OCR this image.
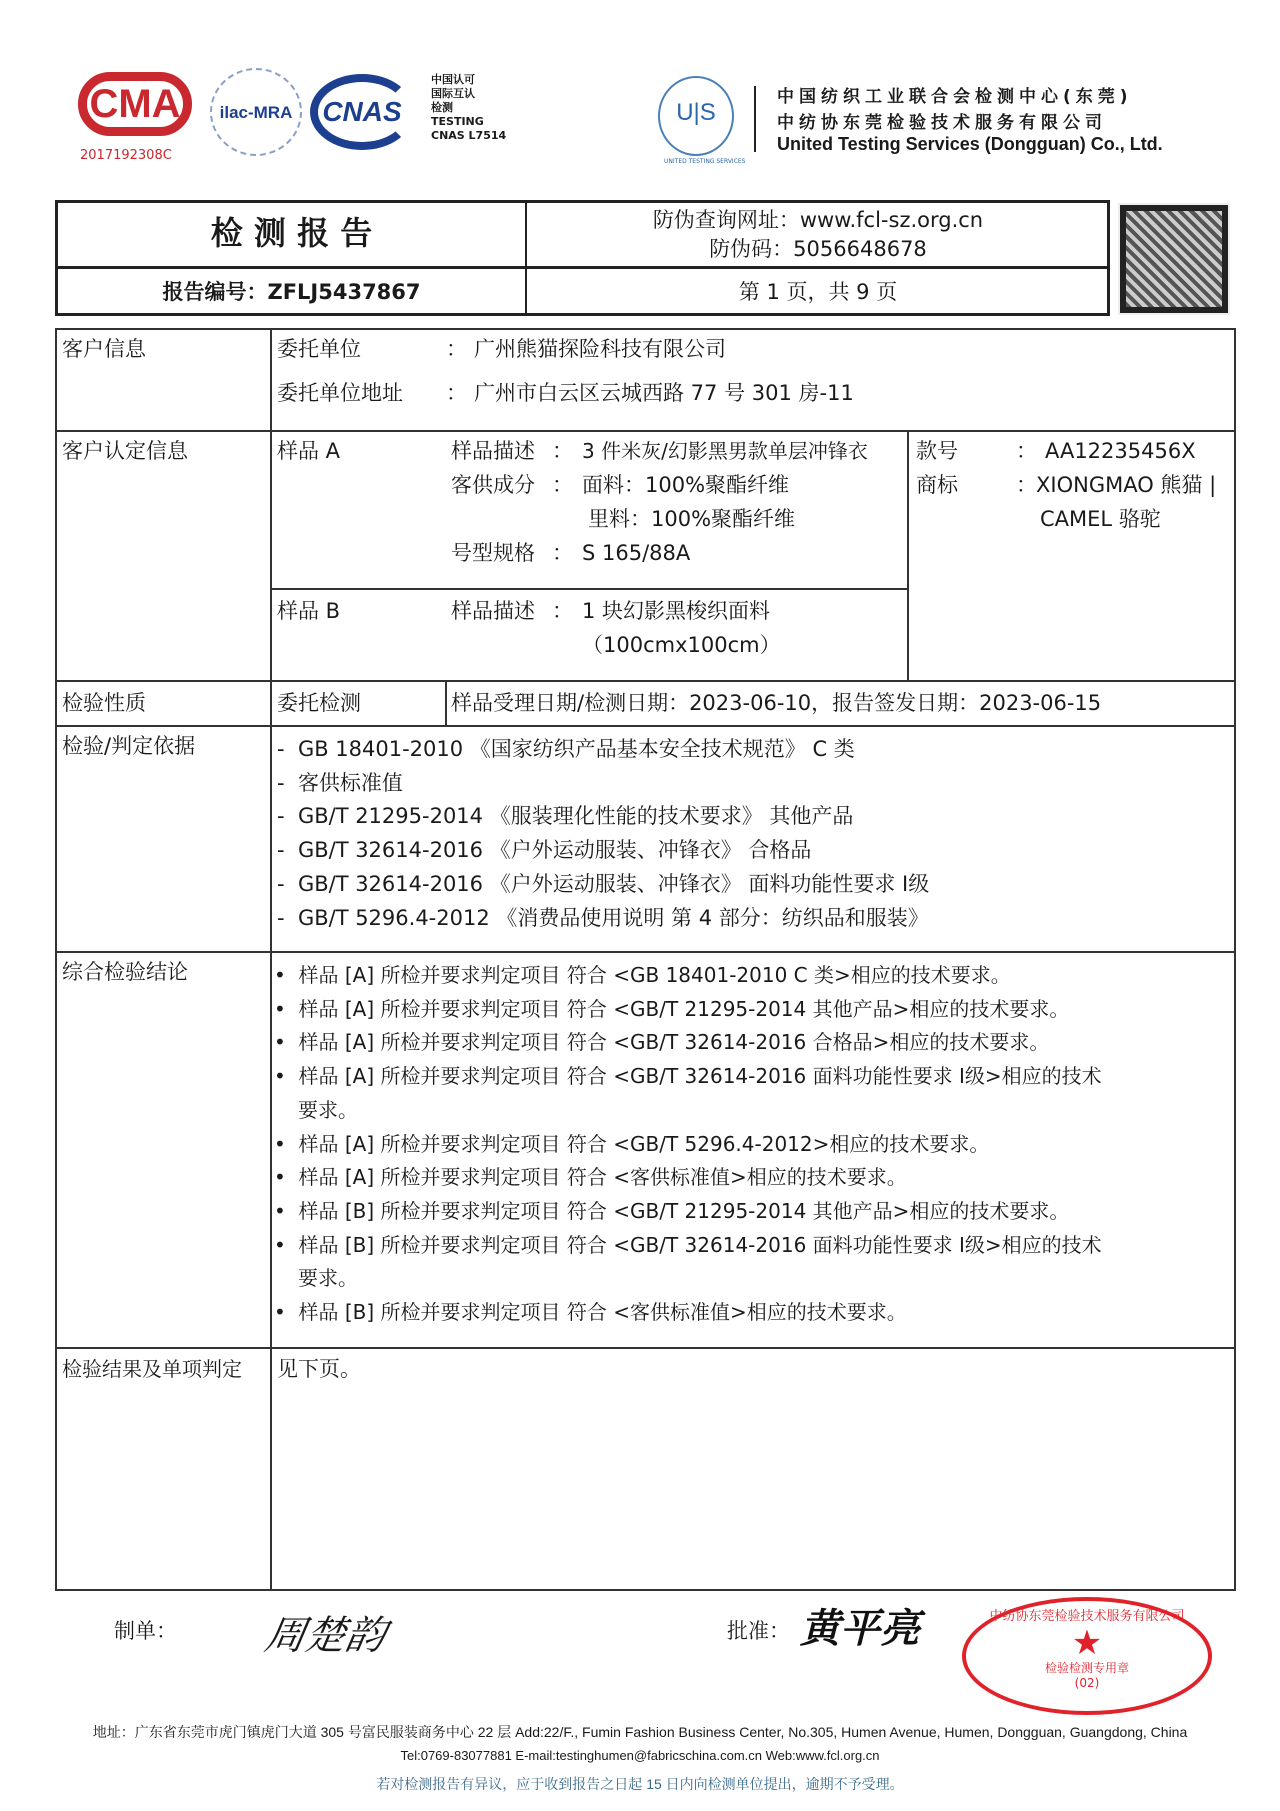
CMA
2017192308C
ilac-MRA	CNAS
中国认可
国际互认
检测
TESTING
CNAS L7514
U|S
UNITED TESTING SERVICES
中国纺织工业联合会检测中心(东莞)
中纺协东莞检验技术服务有限公司
United Testing Services (Dongguan) Co., Ltd.
检 测 报 告	防伪查询网址：www.fcl-sz.org.cn
防伪码：5056648678
报告编号：ZFLJ5437867	第 1 页，共 9 页
客户信息	委托单位	： 广州熊猫探险科技有限公司
委托单位地址 ： 广州市白云区云城西路 77 号 301 房-11
客户认定信息	样品 A	样品描述 ： 3 件米灰/幻影黑男款单层冲锋衣
客供成分 ： 面料：100%聚酯纤维
里料：100%聚酯纤维
号型规格 ： S 165/88A
样品 B	样品描述 ： 1 块幻影黑梭织面料
（100cmx100cm）
款号	： AA12235456X
商标	： XIONGMAO 熊猫 |
CAMEL 骆驼
检验性质	委托检测	样品受理日期/检测日期：2023-06-10，报告签发日期：2023-06-15
检验/判定依据	-  GB 18401-2010 《国家纺织产品基本安全技术规范》 C 类
-  客供标准值
-  GB/T 21295-2014 《服装理化性能的技术要求》 其他产品
-  GB/T 32614-2016 《户外运动服装、冲锋衣》 合格品
-  GB/T 32614-2016 《户外运动服装、冲锋衣》 面料功能性要求 Ⅰ级
-  GB/T 5296.4-2012 《消费品使用说明 第 4 部分：纺织品和服装》
综合检验结论	•  样品 [A] 所检并要求判定项目 符合 <GB 18401-2010 C 类>相应的技术要求。
•  样品 [A] 所检并要求判定项目 符合 <GB/T 21295-2014 其他产品>相应的技术要求。
•  样品 [A] 所检并要求判定项目 符合 <GB/T 32614-2016 合格品>相应的技术要求。
•  样品 [A] 所检并要求判定项目 符合 <GB/T 32614-2016 面料功能性要求 Ⅰ级>相应的技术
要求。
•  样品 [A] 所检并要求判定项目 符合 <GB/T 5296.4-2012>相应的技术要求。
•  样品 [A] 所检并要求判定项目 符合 <客供标准值>相应的技术要求。
•  样品 [B] 所检并要求判定项目 符合 <GB/T 21295-2014 其他产品>相应的技术要求。
•  样品 [B] 所检并要求判定项目 符合 <GB/T 32614-2016 面料功能性要求 Ⅰ级>相应的技术
要求。
•  样品 [B] 所检并要求判定项目 符合 <客供标准值>相应的技术要求。
检验结果及单项判定 见下页。
制单： 周楚韵	批准： 黄平亮	中纺协东莞检验技术服务有限公司
★
检验检测专用章
(02)
地址：广东省东莞市虎门镇虎门大道 305 号富民服装商务中心 22 层 Add:22/F., Fumin Fashion Business Center, No.305, Humen Avenue, Humen, Dongguan, Guangdong, China
Tel:0769-83077881 E-mail:testinghumen@fabricschina.com.cn Web:www.fcl.org.cn
若对检测报告有异议，应于收到报告之日起 15 日内向检测单位提出，逾期不予受理。
